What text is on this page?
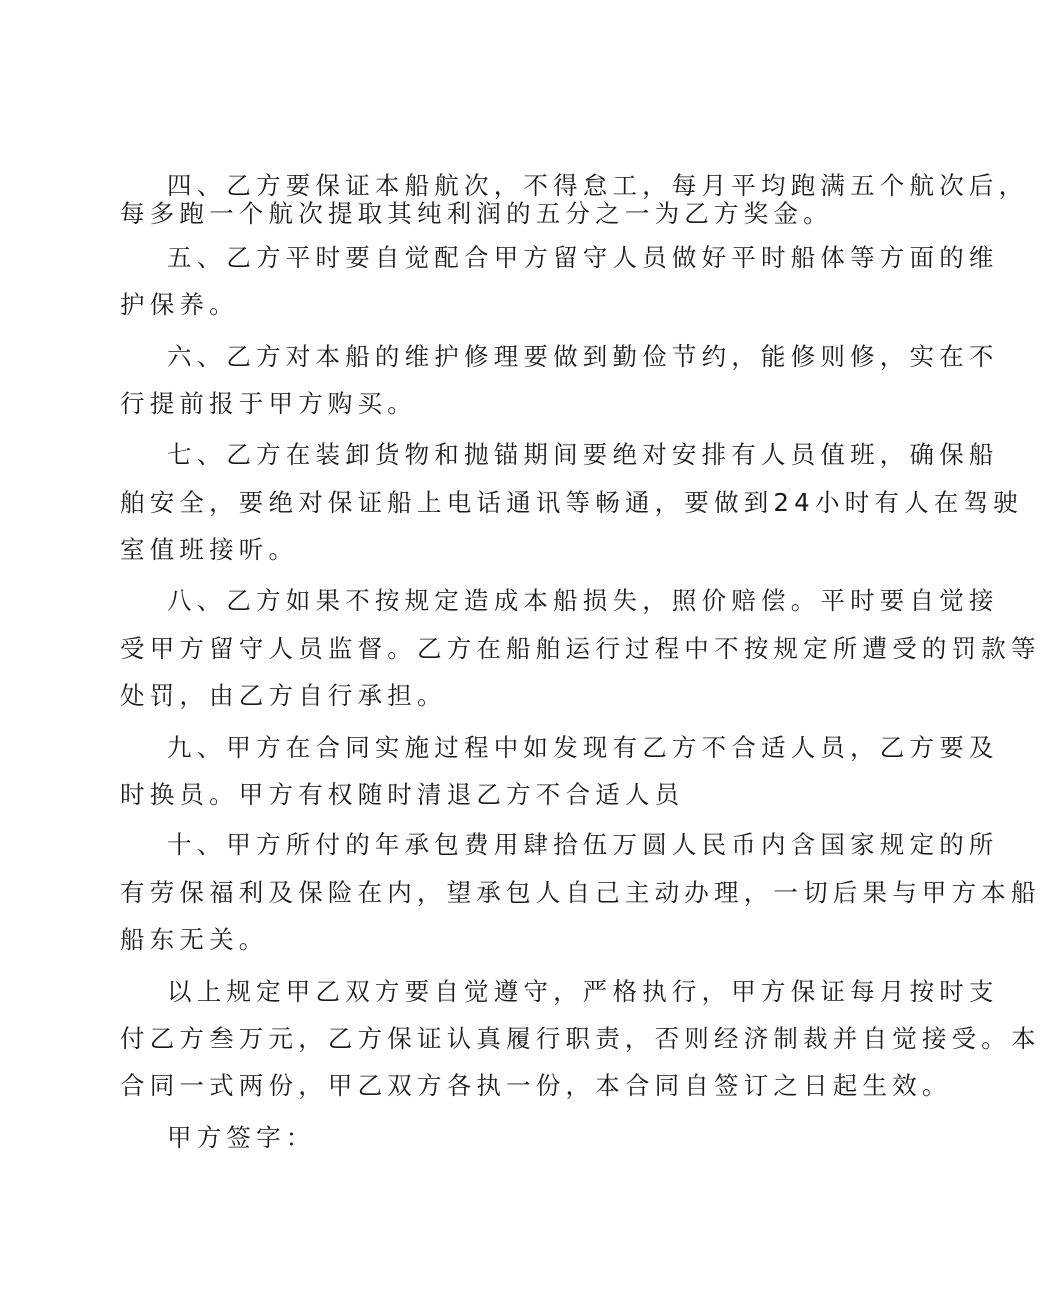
四、乙方要保证本船航次，不得怠工，每月平均跑满五个航次后，
每多跑一个航次提取其纯利润的五分之一为乙方奖金。
五、乙方平时要自觉配合甲方留守人员做好平时船体等方面的维
护保养。
六、乙方对本船的维护修理要做到勤俭节约，能修则修，实在不
行提前报于甲方购买。
七、乙方在装卸货物和抛锚期间要绝对安排有人员值班，确保船
舶安全，要绝对保证船上电话通讯等畅通，要做到24小时有人在驾驶
室值班接听。
八、乙方如果不按规定造成本船损失，照价赔偿。平时要自觉接
受甲方留守人员监督。乙方在船舶运行过程中不按规定所遭受的罚款等
处罚，由乙方自行承担。
九、甲方在合同实施过程中如发现有乙方不合适人员，乙方要及
时换员。甲方有权随时清退乙方不合适人员
十、甲方所付的年承包费用肆拾伍万圆人民币内含国家规定的所
有劳保福利及保险在内，望承包人自己主动办理，一切后果与甲方本船
船东无关。
以上规定甲乙双方要自觉遵守，严格执行，甲方保证每月按时支
付乙方叁万元，乙方保证认真履行职责，否则经济制裁并自觉接受。本
合同一式两份，甲乙双方各执一份，本合同自签订之日起生效。
甲方签字：
